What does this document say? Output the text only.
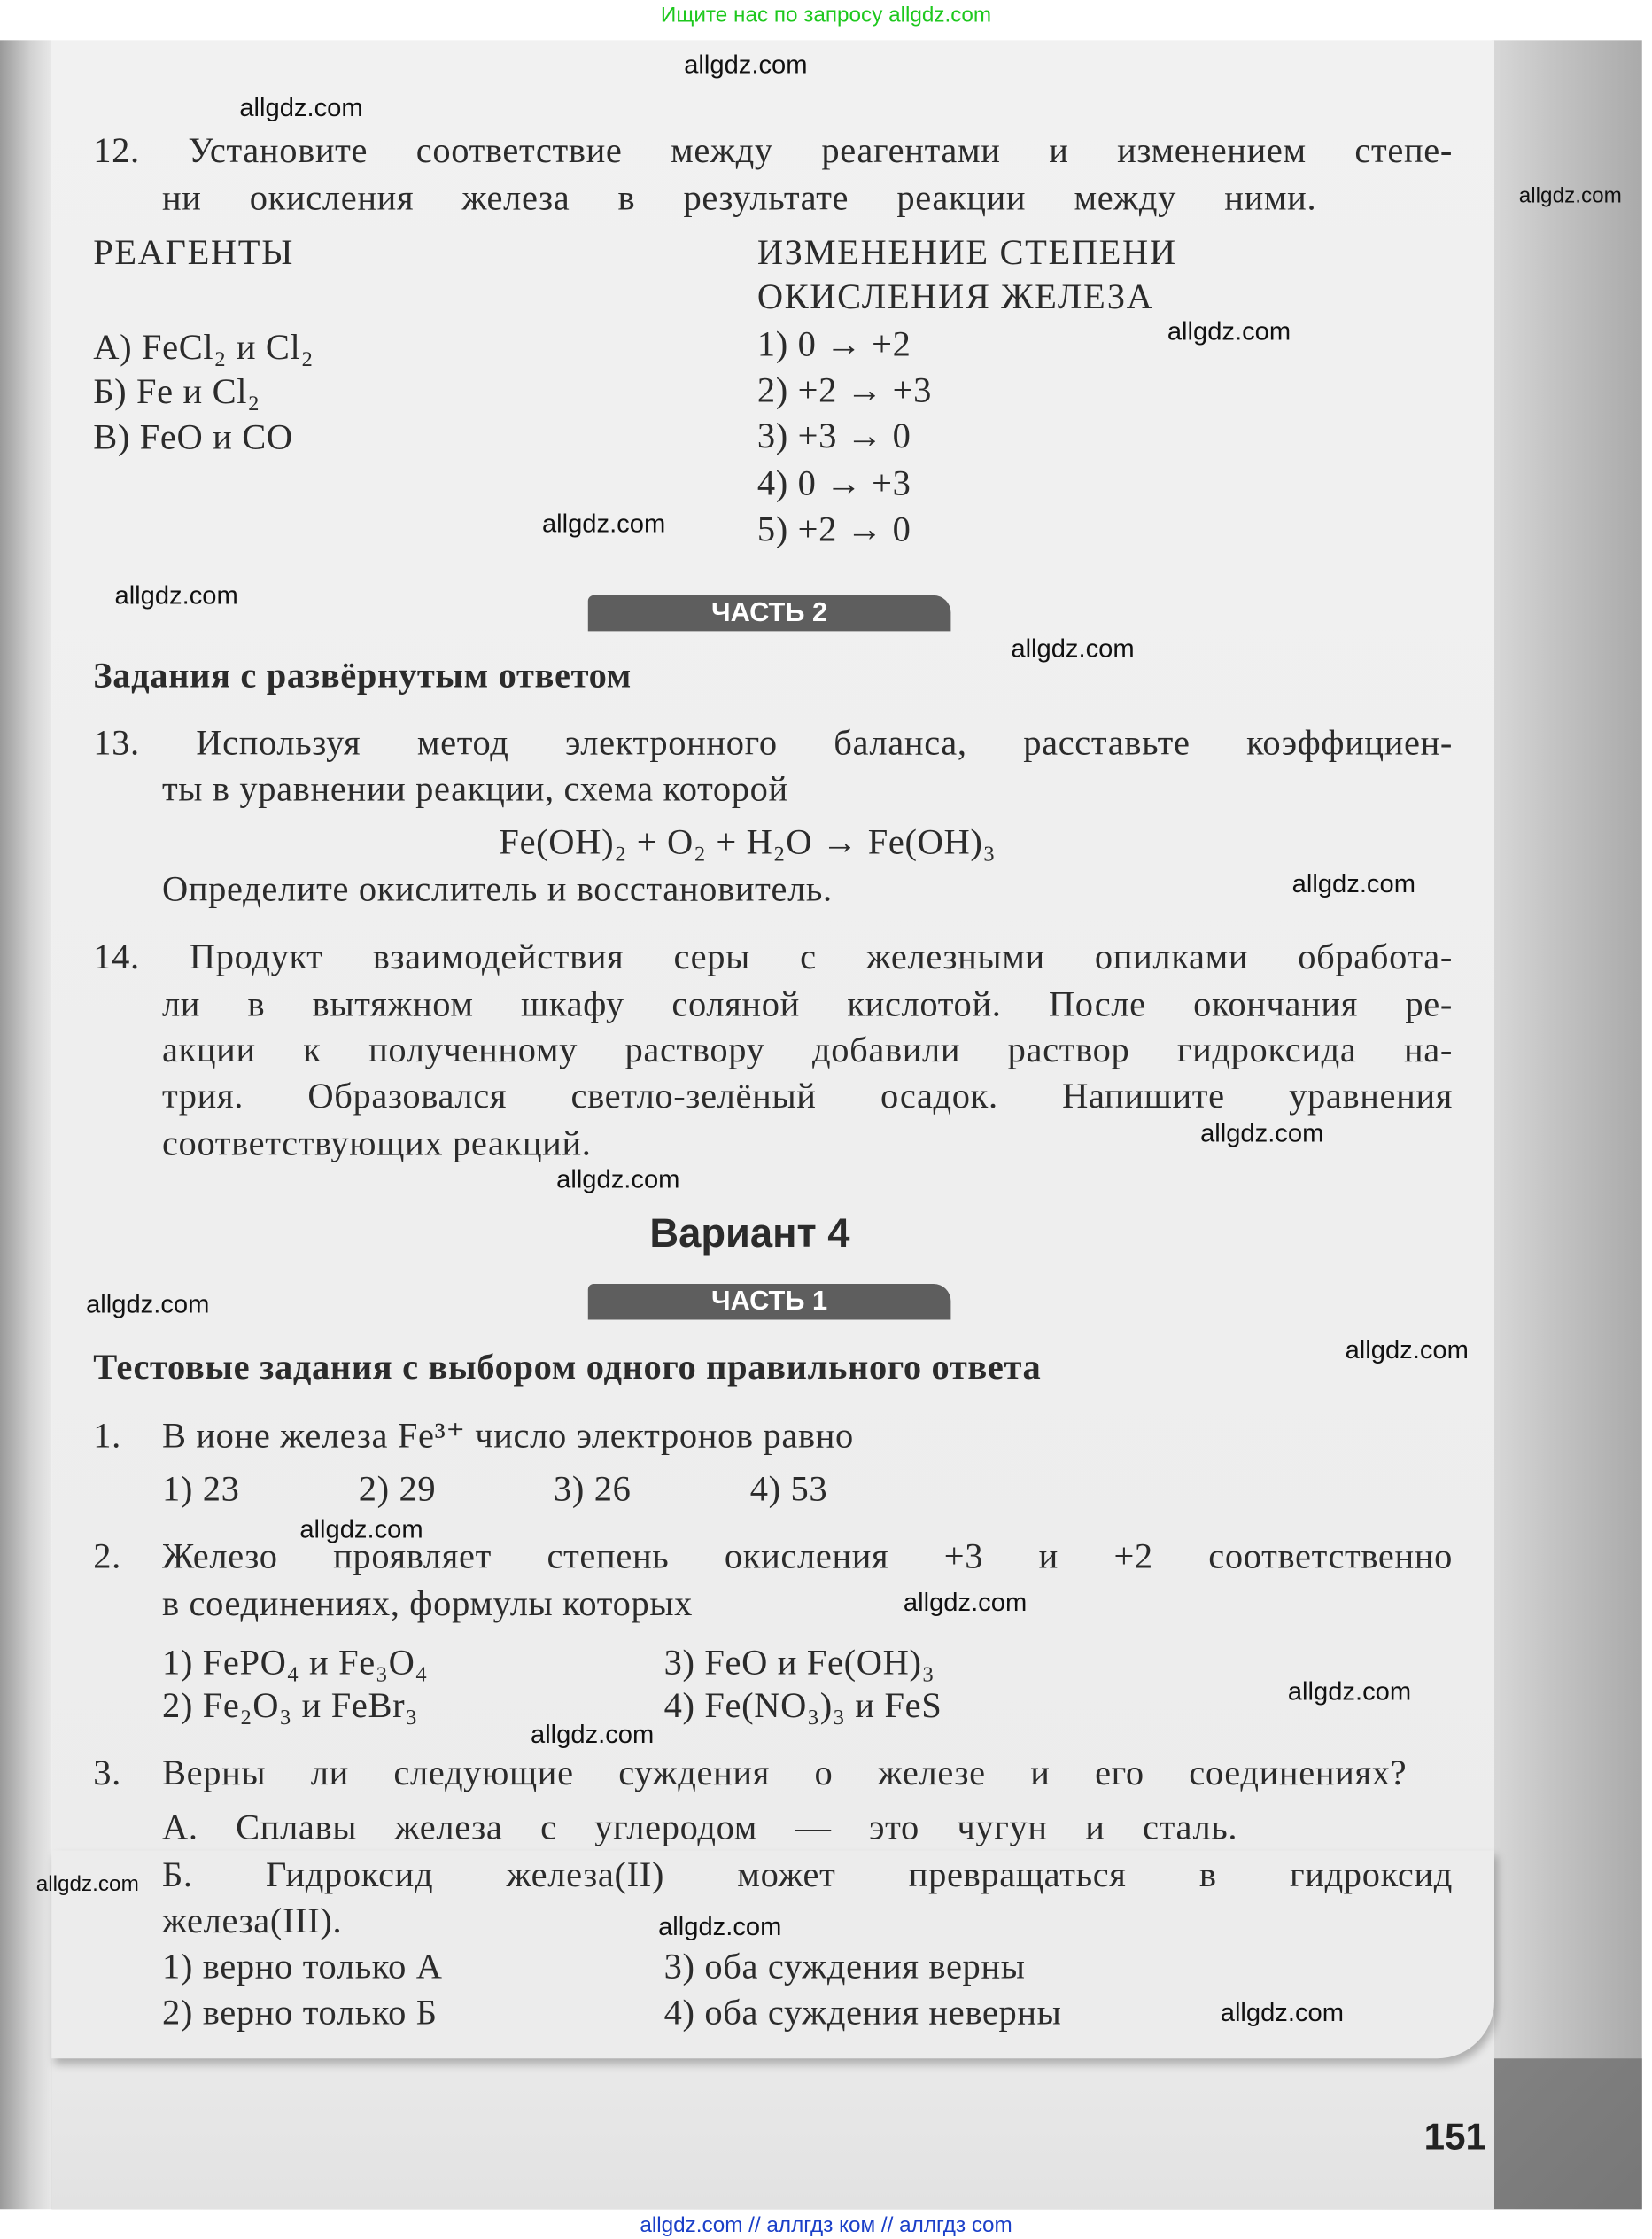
Ищите нас по запросу allgdz.com
12. Установите соответствие между реагентами и изменением степе-
ни окисления железа в результате реакции между ними.
РЕАГЕНТЫ	ИЗМЕНЕНИЕ СТЕПЕНИ
ОКИСЛЕНИЯ ЖЕЛЕЗА
А) FeCl₂ и Cl₂
Б) Fe и Cl₂
В) FeO и CO
1) 0 → +2
2) +2 → +3
3) +3 → 0
4) 0 → +3
5) +2 → 0
ЧАСТЬ 2
Задания с развёрнутым ответом
13. Используя метод электронного баланса, расставьте коэффициен-
ты в уравнении реакции, схема которой
Fe(OH)₂ + O₂ + H₂O → Fe(OH)₃
Определите окислитель и восстановитель.
14. Продукт взаимодействия серы с железными опилками обработа-
ли в вытяжном шкафу соляной кислотой. После окончания ре-
акции к полученному раствору добавили раствор гидроксида на-
трия. Образовался светло-зелёный осадок. Напишите уравнения
соответствующих реакций.
Вариант 4
ЧАСТЬ 1
Тестовые задания с выбором одного правильного ответа
1. В ионе железа Fe³⁺ число электронов равно
1) 23	2) 29	3) 26	4) 53
2. Железо проявляет степень окисления +3 и +2 соответственно
в соединениях, формулы которых
1) FePO₄ и Fe₃O₄	3) FeO и Fe(OH)₃
2) Fe₂O₃ и FeBr₃	4) Fe(NO₃)₃ и FeS
3. Верны ли следующие суждения о железе и его соединениях?
А. Сплавы железа с углеродом — это чугун и сталь.
Б. Гидроксид железа(II) может превращаться в гидроксид
железа(III).
1) верно только А	3) оба суждения верны
2) верно только Б	4) оба суждения неверны
151
allgdz.com
allgdz.com
allgdz.com
allgdz.com
allgdz.com
allgdz.com
allgdz.com
allgdz.com
allgdz.com
allgdz.com
allgdz.com
allgdz.com
allgdz.com
allgdz.com
allgdz.com
allgdz.com
allgdz.com
allgdz.com
allgdz.com
allgdz.com // аллгдз ком // аллгдз com
